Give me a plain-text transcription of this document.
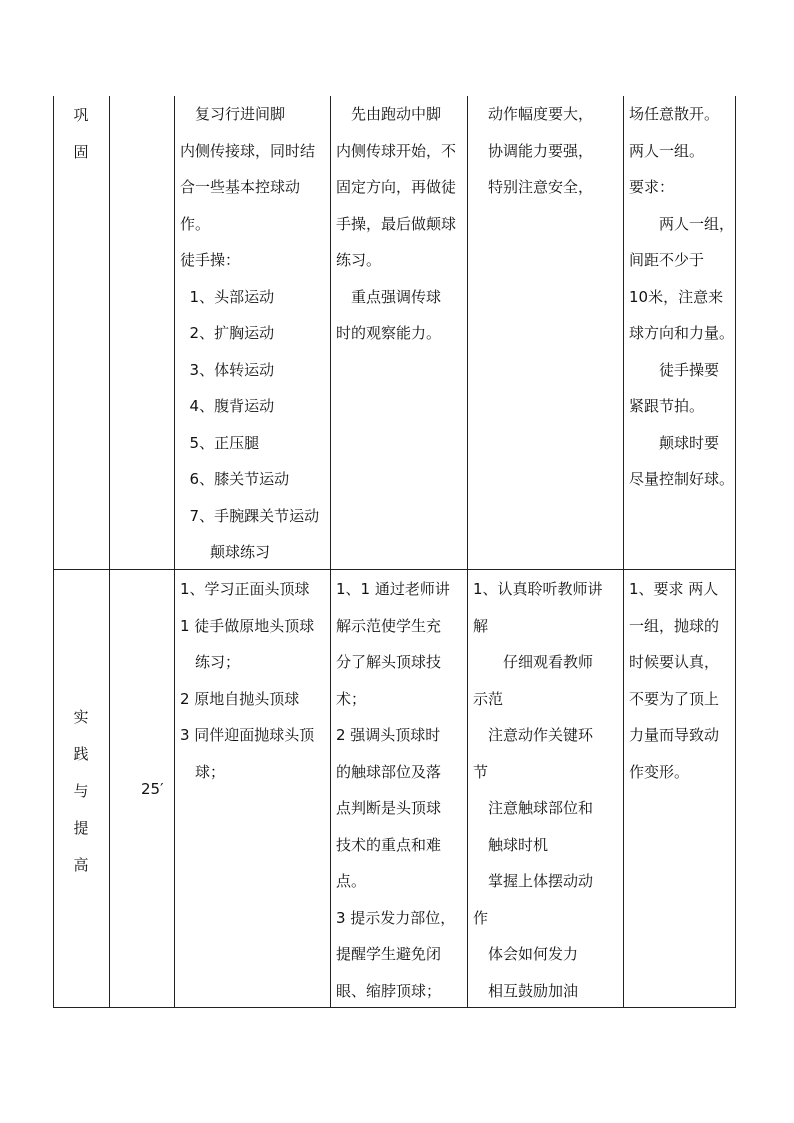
巩
固
　复习行进间脚
内侧传接球，同时结
合一些基本控球动
作。
徒手操：
1、头部运动
2、扩胸运动
3、体转运动
4、腹背运动
5、正压腿
6、膝关节运动
7、手腕踝关节运动
　　颠球练习
　先由跑动中脚
内侧传球开始，不
固定方向，再做徒
手操，最后做颠球
练习。
　重点强调传球
时的观察能力。
动作幅度要大，
协调能力要强，
特别注意安全，
场任意散开。
两人一组。
要求：
　　两人一组，
间距不少于
10米，注意来
球方向和力量。
　　徒手操要
紧跟节拍。
　　颠球时要
尽量控制好球。
实
践
与
提
高
25′
1、学习正面头顶球
1 徒手做原地头顶球
　练习；
2 原地自抛头顶球
3 同伴迎面抛球头顶
　球；
1、1 通过老师讲
解示范使学生充
分了解头顶球技
术；
2 强调头顶球时
的触球部位及落
点判断是头顶球
技术的重点和难
点。
3 提示发力部位，
提醒学生避免闭
眼、缩脖顶球；
1、认真聆听教师讲
解
　　仔细观看教师
示范
　注意动作关键环
节
　注意触球部位和
　触球时机
　掌握上体摆动动
作
　体会如何发力
　相互鼓励加油
1、要求 两人
一组，抛球的
时候要认真，
不要为了顶上
力量而导致动
作变形。
